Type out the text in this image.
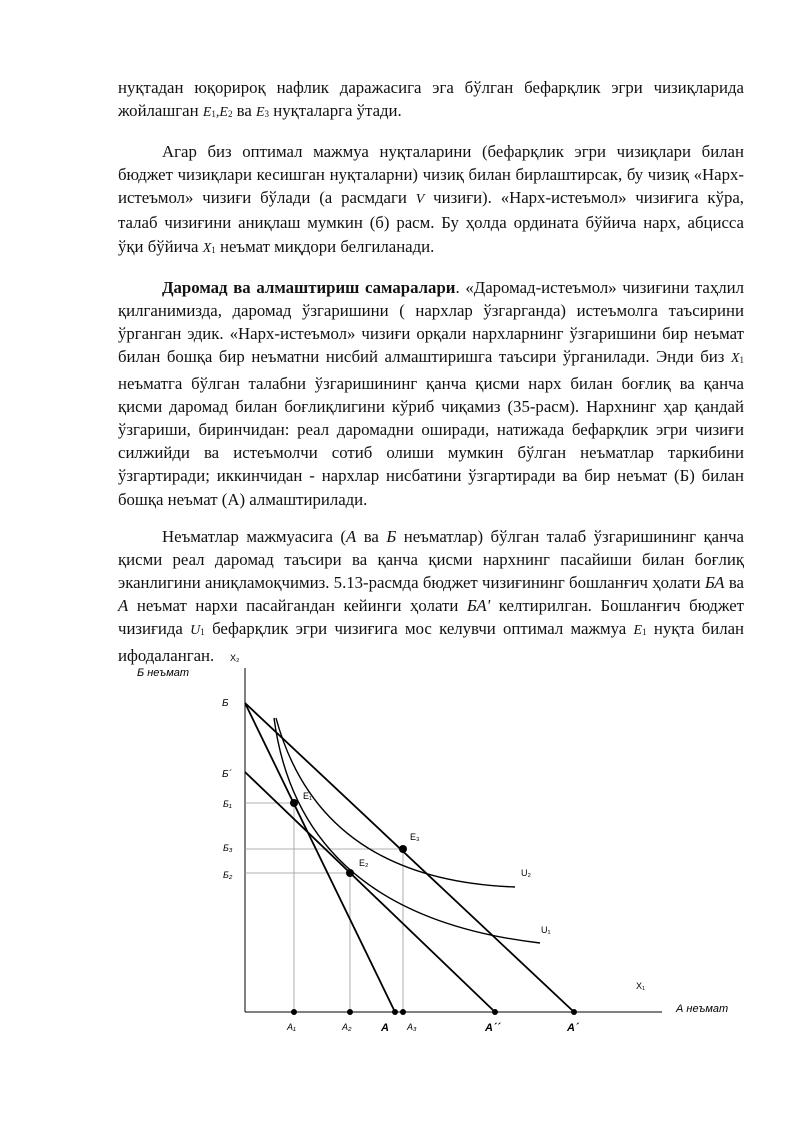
нуқтадан юқорироқ нафлик даражасига эга бўлган бефарқлик эгри чизиқларида жойлашган E1,E2 ва E3 нуқталарга ўтади.

Агар биз оптимал мажмуа нуқталарини (бефарқлик эгри чизиқлари билан бюджет чизиқлари кесишган нуқталарни) чизиқ билан бирлаштирсак, бу чизиқ «Нарх-истеъмол» чизиғи бўлади (а расмдаги V чизиғи). «Нарх-истеъмол» чизиғига кўра, талаб чизиғини аниқлаш мумкин (б) расм. Бу ҳолда ордината бўйича нарх, абцисса ўқи бўйича X1 неъмат миқдори белгиланади.

Даромад ва алмаштириш самаралари. «Даромад-истеъмол» чизиғини таҳлил қилганимизда, даромад ўзгаришини ( нархлар ўзгарганда) истеъмолга таъсирини ўрганган эдик. «Нарх-истеъмол» чизиғи орқали нархларнинг ўзгаришини бир неъмат билан бошқа бир неъматни нисбий алмаштиришга таъсири ўрганилади. Энди биз X1 неъматга бўлган талабни ўзгаришининг қанча қисми нарх билан боғлиқ ва қанча қисми даромад билан боғлиқлигини кўриб чиқамиз (35-расм). Нархнинг ҳар қандай ўзгариши, биринчидан: реал даромадни оширади, натижада бефарқлик эгри чизиғи силжийди ва истеъмолчи сотиб олиши мумкин бўлган неъматлар таркибини ўзгартиради; иккинчидан - нархлар нисбатини ўзгартиради ва бир неъмат (Б) билан бошқа неъмат (А) алмаштирилади.

Неъматлар мажмуасига (А ва Б неъматлар) бўлган талаб ўзгаришининг қанча қисми реал даромад таъсири ва қанча қисми нархнинг пасайиши билан боғлиқ эканлигини аниқламоқчимиз. 5.13-расмда бюджет чизиғининг бошланғич ҳолати БА ва А неъмат нархи пасайгандан кейинги ҳолати БА' келтирилган. Бошланғич бюджет чизиғида U1 бефарқлик эгри чизиғига мос келувчи оптимал мажмуа E1 нуқта билан ифодаланган.	X₂
Б неъмат
X₁
А неъмат
E₁
E₂
E₃
U₂
U₁
Б
Б´
Б₁
Б₃
Б₂
А₁	А₂	А А₃	А´´	А´
